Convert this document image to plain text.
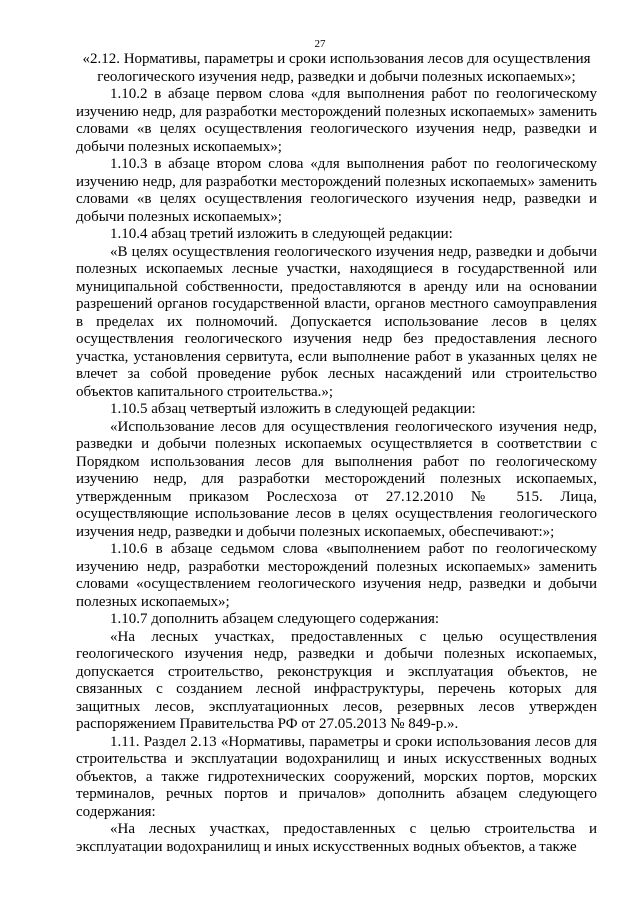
27

«2.12. Нормативы, параметры и сроки использования лесов для осуществления геологического изучения недр, разведки и добычи полезных ископаемых»;

1.10.2 в абзаце первом слова «для выполнения работ по геологическому изучению недр, для разработки месторождений полезных ископаемых» заменить словами «в целях осуществления геологического изучения недр, разведки и добычи полезных ископаемых»;

1.10.3 в абзаце втором слова «для выполнения работ по геологическому изучению недр, для разработки месторождений полезных ископаемых» заменить словами «в целях осуществления геологического изучения недр, разведки и добычи полезных ископаемых»;

1.10.4 абзац третий изложить в следующей редакции:

«В целях осуществления геологического изучения недр, разведки и добычи полезных ископаемых лесные участки, находящиеся в государственной или муниципальной собственности, предоставляются в аренду или на основании разрешений органов государственной власти, органов местного самоуправления в пределах их полномочий. Допускается использование лесов в целях осуществления геологического изучения недр без предоставления лесного участка, установления сервитута, если выполнение работ в указанных целях не влечет за собой проведение рубок лесных насаждений или строительство объектов капитального строительства.»;

1.10.5 абзац четвертый изложить в следующей редакции:

«Использование лесов для осуществления геологического изучения недр, разведки и добычи полезных ископаемых осуществляется в соответствии с Порядком использования лесов для выполнения работ по геологическому изучению недр, для разработки месторождений полезных ископаемых, утвержденным приказом Рослесхоза от 27.12.2010 № 515. Лица, осуществляющие использование лесов в целях осуществления геологического изучения недр, разведки и добычи полезных ископаемых, обеспечивают:»;

1.10.6 в абзаце седьмом слова «выполнением работ по геологическому изучению недр, разработки месторождений полезных ископаемых» заменить словами «осуществлением геологического изучения недр, разведки и добычи полезных ископаемых»;

1.10.7 дополнить абзацем следующего содержания:

«На лесных участках, предоставленных с целью осуществления геологического изучения недр, разведки и добычи полезных ископаемых, допускается строительство, реконструкция и эксплуатация объектов, не связанных с созданием лесной инфраструктуры, перечень которых для защитных лесов, эксплуатационных лесов, резервных лесов утвержден распоряжением Правительства РФ от 27.05.2013 № 849-р.».

1.11. Раздел 2.13 «Нормативы, параметры и сроки использования лесов для строительства и эксплуатации водохранилищ и иных искусственных водных объектов, а также гидротехнических сооружений, морских портов, морских терминалов, речных портов и причалов» дополнить абзацем следующего содержания:

«На лесных участках, предоставленных с целью строительства и эксплуатации водохранилищ и иных искусственных водных объектов, а также
